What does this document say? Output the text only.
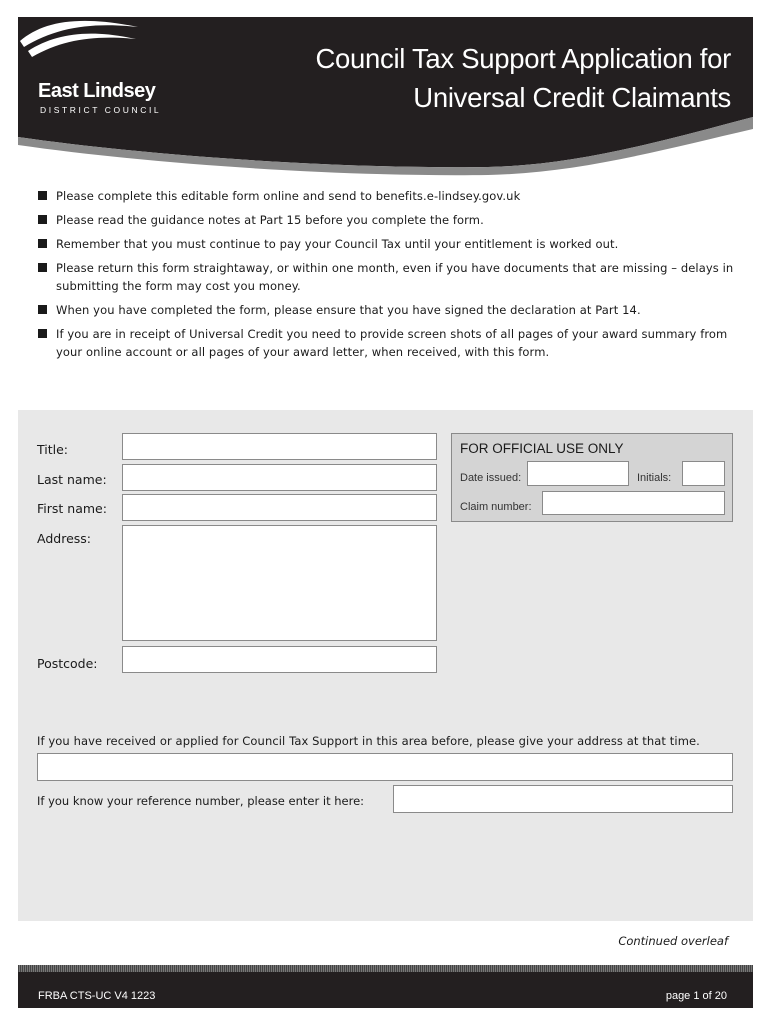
East Lindsey
DISTRICT COUNCIL
Council Tax Support Application for
Universal Credit Claimants
Please complete this editable form online and send to benefits.e-lindsey.gov.uk
Please read the guidance notes at Part 15 before you complete the form.
Remember that you must continue to pay your Council Tax until your entitlement is worked out.
Please return this form straightaway, or within one month, even if you have documents that are missing – delays in submitting the form may cost you money.
When you have completed the form, please ensure that you have signed the declaration at Part 14.
If you are in receipt of Universal Credit you need to provide screen shots of all pages of your award summary from your online account or all pages of your award letter, when received, with this form.
Title:
Last name:
First name:
Address:
Postcode:
FOR OFFICIAL USE ONLY
Date issued:	Initials:
Claim number:
If you have received or applied for Council Tax Support in this area before, please give your address at that time.
If you know your reference number, please enter it here:
Continued overleaf
FRBA CTS-UC V4 1223	page 1 of 20
